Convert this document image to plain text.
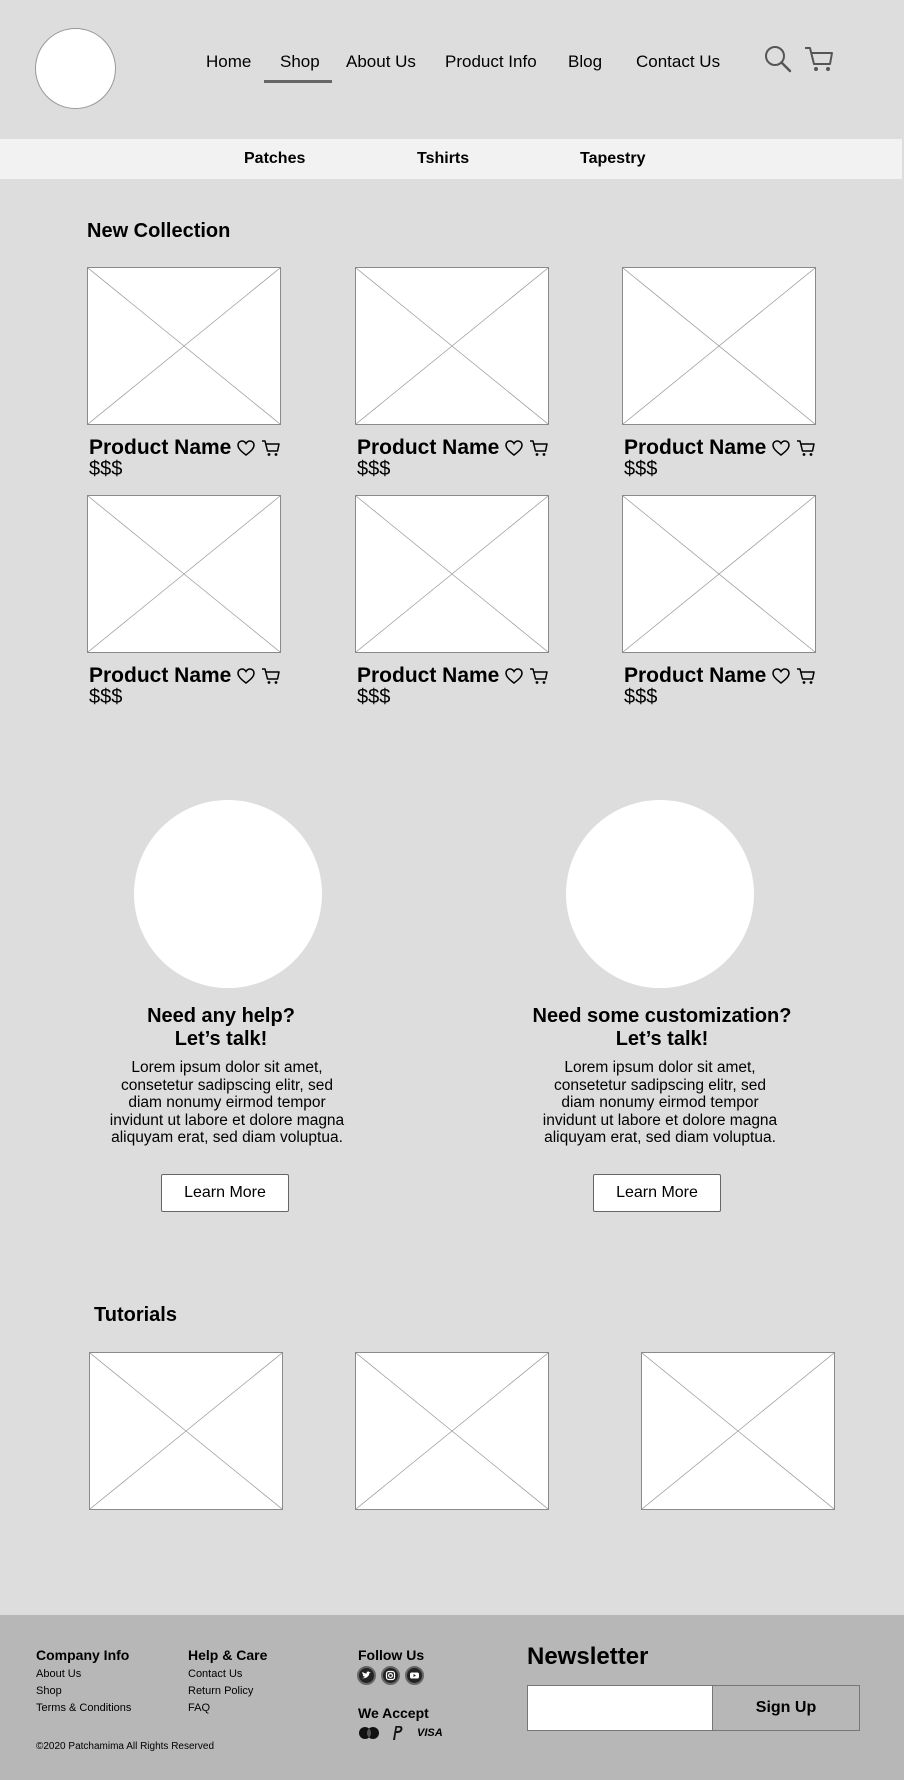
Home Shop About Us Product Info Blog Contact Us
Patches	Tshirts	Tapestry
New Collection
Product Name
$$$
Product Name
$$$
Product Name
$$$
Product Name
$$$
Product Name
$$$
Product Name
$$$
Need any help?
Let’s talk!
Lorem ipsum dolor sit amet,
consetetur sadipscing elitr, sed
diam nonumy eirmod tempor
invidunt ut labore et dolore magna
aliquyam erat, sed diam voluptua.
Learn More
Need some customization?
Let’s talk!
Lorem ipsum dolor sit amet,
consetetur sadipscing elitr, sed
diam nonumy eirmod tempor
invidunt ut labore et dolore magna
aliquyam erat, sed diam voluptua.
Learn More
Tutorials
Company Info
About Us
Shop
Terms & Conditions
Help & Care
Contact Us
Return Policy
FAQ
Follow Us
We Accept
VISA
Newsletter
Sign Up
©2020 Patchamima All Rights Reserved
